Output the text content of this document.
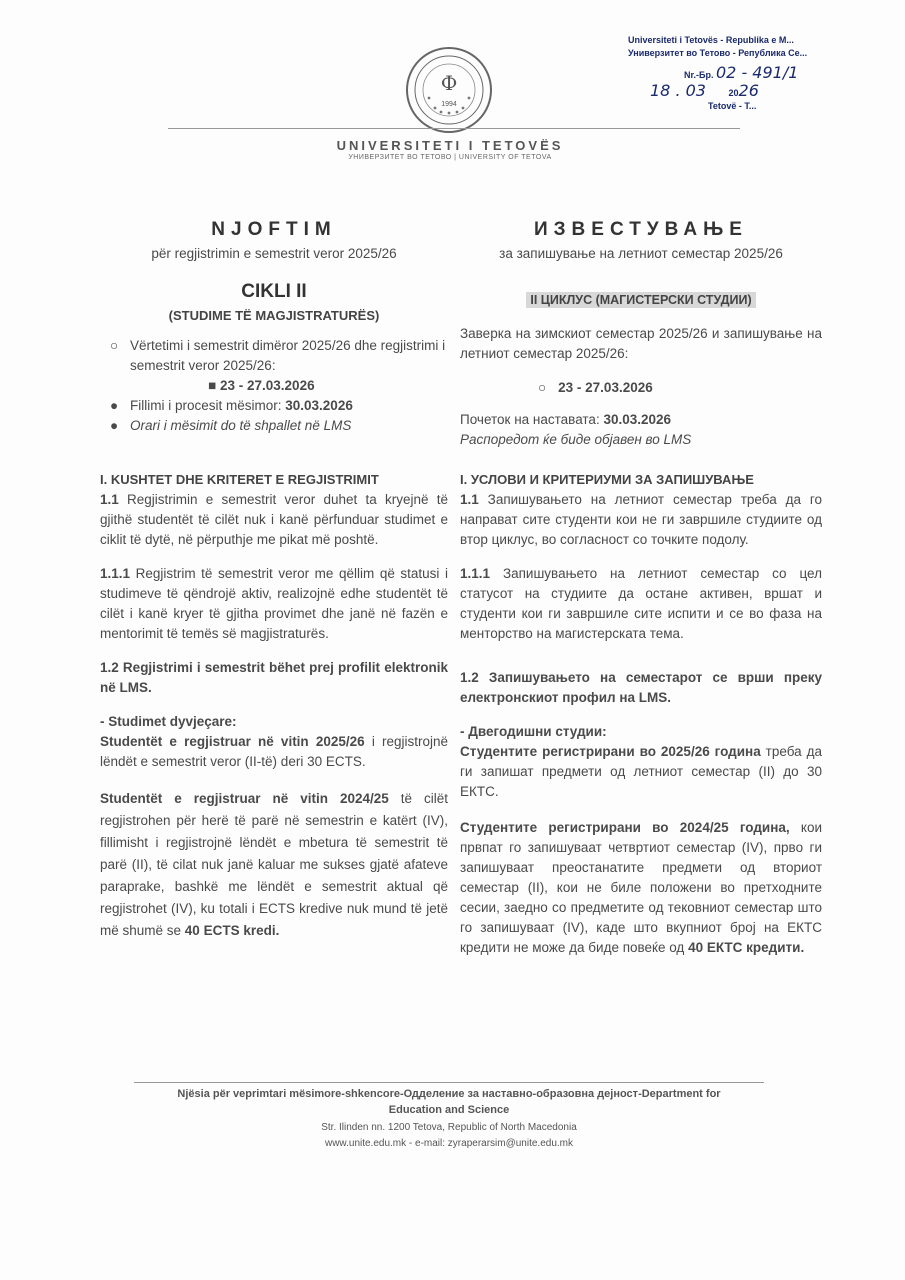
Universiteti i Tetovës - Republika e M...
Универзитет во Тетово - Република Се...
Nr.-Бр. 02 - 491/1
18 . 03	2026
Tetovë - Т...
Ф
1994
UNIVERSITETI I TETOVËS
УНИВЕРЗИТЕТ ВО ТЕТОВО | UNIVERSITY OF TETOVA
NJOFTIM
për regjistrimin e semestrit veror 2025/26
CIKLI II
(STUDIME TË MAGJISTRATURËS)
○ Vërtetimi i semestrit dimëror 2025/26 dhe regjistrimi i semestrit veror 2025/26:
■ 23 - 27.03.2026
● Fillimi i procesit mësimor: 30.03.2026
● Orari i mësimit do të shpallet në LMS
I. KUSHTET DHE KRITERET E REGJISTRIMIT
1.1 Regjistrimin e semestrit veror duhet ta kryejnë të gjithë studentët të cilët nuk i kanë përfunduar studimet e ciklit të dytë, në përputhje me pikat më poshtë.
1.1.1 Regjistrim të semestrit veror me qëllim që statusi i studimeve të qëndrojë aktiv, realizojnë edhe studentët të cilët i kanë kryer të gjitha provimet dhe janë në fazën e mentorimit të temës së magjistraturës.
1.2 Regjistrimi i semestrit bëhet prej profilit elektronik në LMS.
- Studimet dyvjeçare:
Studentët e regjistruar në vitin 2025/26 i regjistrojnë lëndët e semestrit veror (II-të) deri 30 ECTS.
Studentët e regjistruar në vitin 2024/25 të cilët regjistrohen për herë të parë në semestrin e katërt (IV), fillimisht i regjistrojnë lëndët e mbetura të semestrit të parë (II), të cilat nuk janë kaluar me sukses gjatë afateve paraprake, bashkë me lëndët e semestrit aktual që regjistrohet (IV), ku totali i ECTS kredive nuk mund të jetë më shumë se 40 ECTS kredi.
ИЗВЕСТУВАЊЕ
за запишување на летниот семестар 2025/26
II ЦИКЛУС (МАГИСТЕРСКИ СТУДИИ)
Заверка на зимскиот семестар 2025/26 и запишување на летниот семестар 2025/26:
○ 23 - 27.03.2026
Почеток на наставата: 30.03.2026
Распоредот ќе биде објавен во LMS
I. УСЛОВИ И КРИТЕРИУМИ ЗА ЗАПИШУВАЊЕ
1.1 Запишувањето на летниот семестар треба да го направат сите студенти кои не ги завршиле студиите од втор циклус, во согласност со точките подолу.
1.1.1 Запишувањето на летниот семестар со цел статусот на студиите да остане активен, вршат и студенти кои ги завршиле сите испити и се во фаза на менторство на магистерската тема.
1.2 Запишувањето на семестарот се врши преку електронскиот профил на LMS.
- Двегодишни студии:
Студентите регистрирани во 2025/26 година треба да ги запишат предмети од летниот семестар (II) до 30 ЕКТС.
Студентите регистрирани во 2024/25 година, кои првпат го запишуваат четвртиот семестар (IV), прво ги запишуваат преостанатите предмети од вториот семестар (II), кои не биле положени во претходните сесии, заедно со предметите од тековниот семестар што го запишуваат (IV), каде што вкупниот број на ЕКТС кредити не може да биде повеќе од 40 ЕКТС кредити.
Njësia për veprimtari mësimore-shkencore-Одделение за наставно-образовна дејност-Department for
Education and Science
Str. Ilinden nn. 1200 Tetova, Republic of North Macedonia
www.unite.edu.mk - e-mail: zyraperarsim@unite.edu.mk
